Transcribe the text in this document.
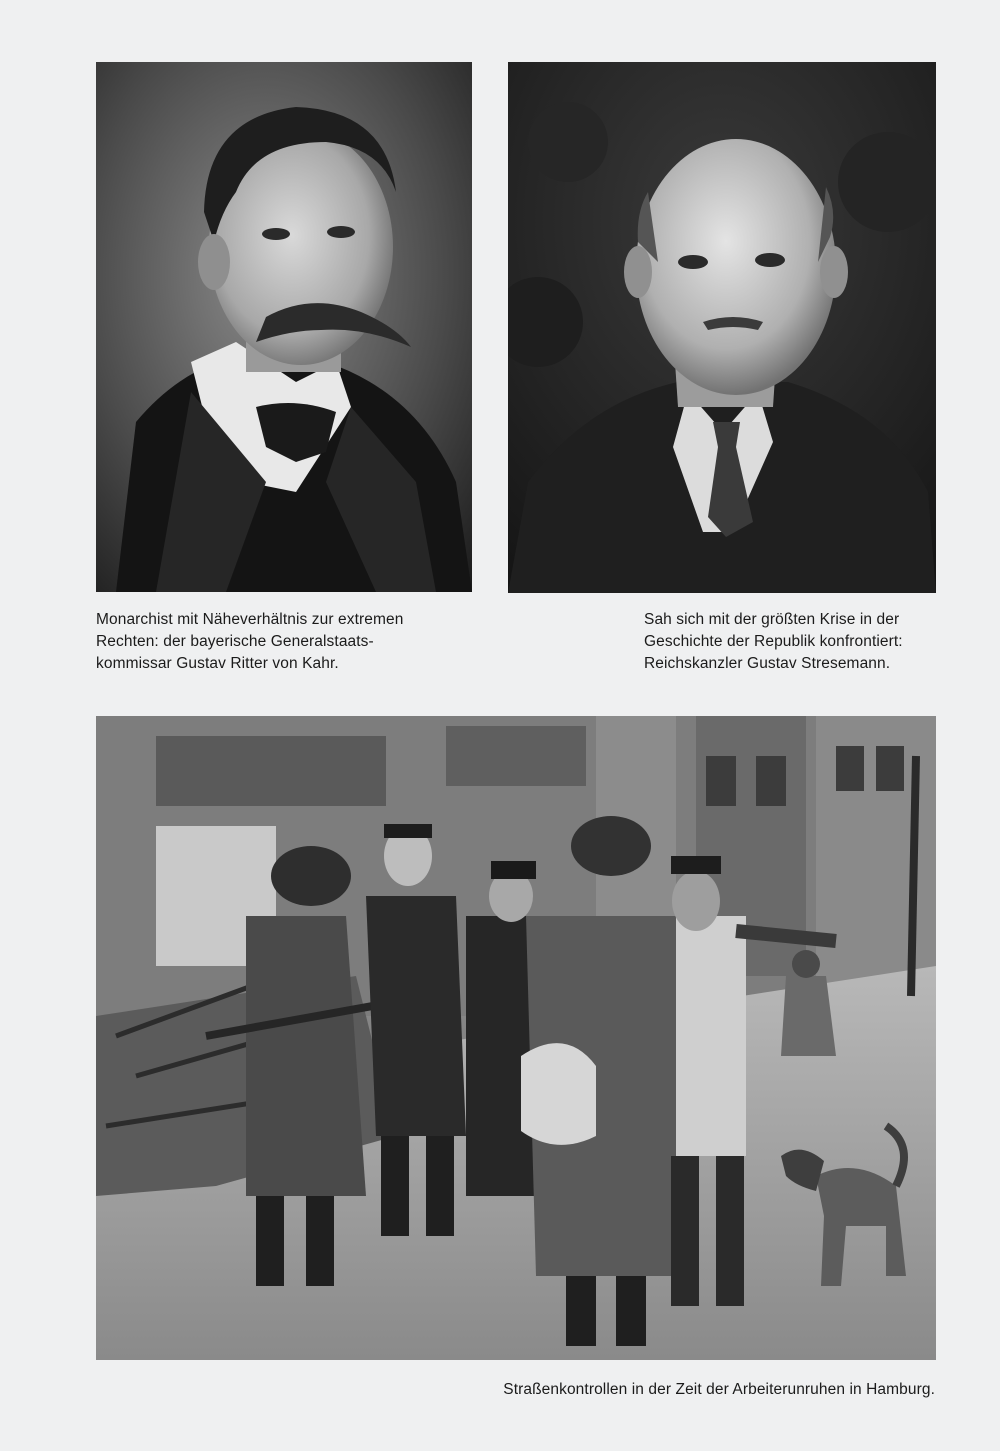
Monarchist mit Näheverhältnis zur extremen
Rechten: der bayerische Generalstaats-
kommissar Gustav Ritter von Kahr.
Sah sich mit der größten Krise in der
Geschichte der Republik konfrontiert:
Reichskanzler Gustav Stresemann.
Straßenkontrollen in der Zeit der Arbeiterunruhen in Hamburg.
